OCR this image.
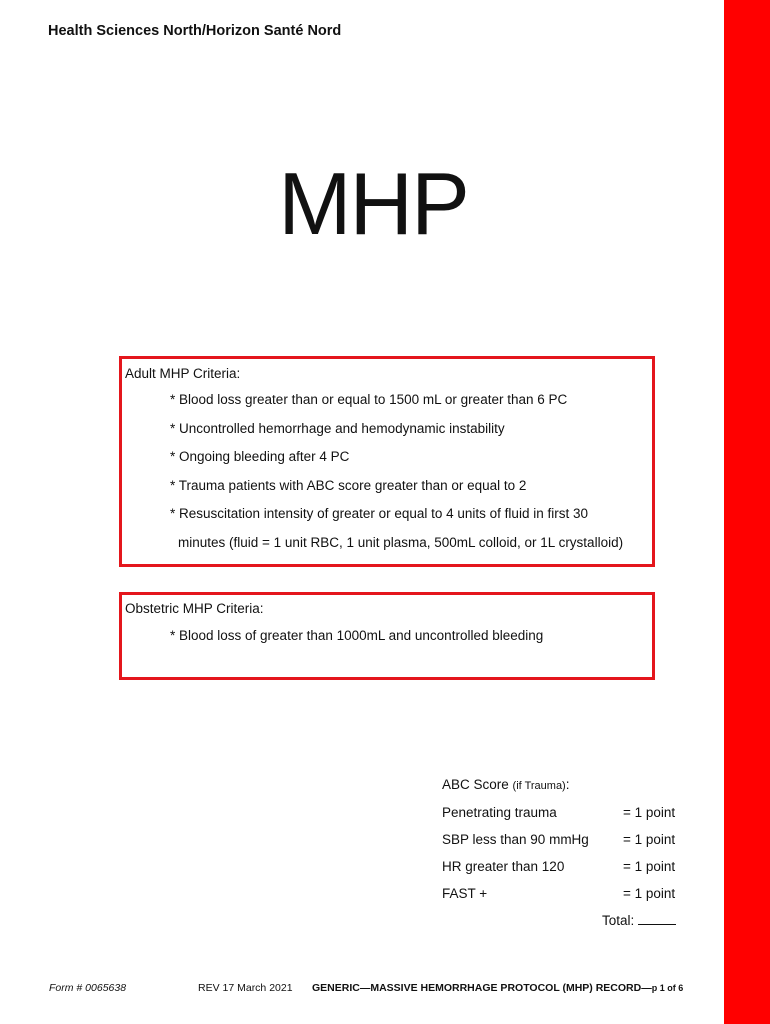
Health Sciences North/Horizon Santé Nord
MHP
Adult MHP Criteria:
* Blood loss greater than or equal to 1500 mL or greater than 6 PC
* Uncontrolled hemorrhage and hemodynamic instability
* Ongoing bleeding after 4 PC
* Trauma patients with ABC score greater than or equal to 2
* Resuscitation intensity of greater or equal to 4 units of fluid in first 30
minutes (fluid = 1 unit RBC, 1 unit plasma, 500mL colloid, or 1L crystalloid)
Obstetric MHP Criteria:
* Blood loss of greater than 1000mL and uncontrolled bleeding
ABC Score (if Trauma):
Penetrating trauma	= 1 point
SBP less than 90 mmHg	= 1 point
HR greater than 120	= 1 point
FAST +	= 1 point
Total:
Form # 0065638	REV 17 March 2021 GENERIC—MASSIVE HEMORRHAGE PROTOCOL (MHP) RECORD—p 1 of 6
